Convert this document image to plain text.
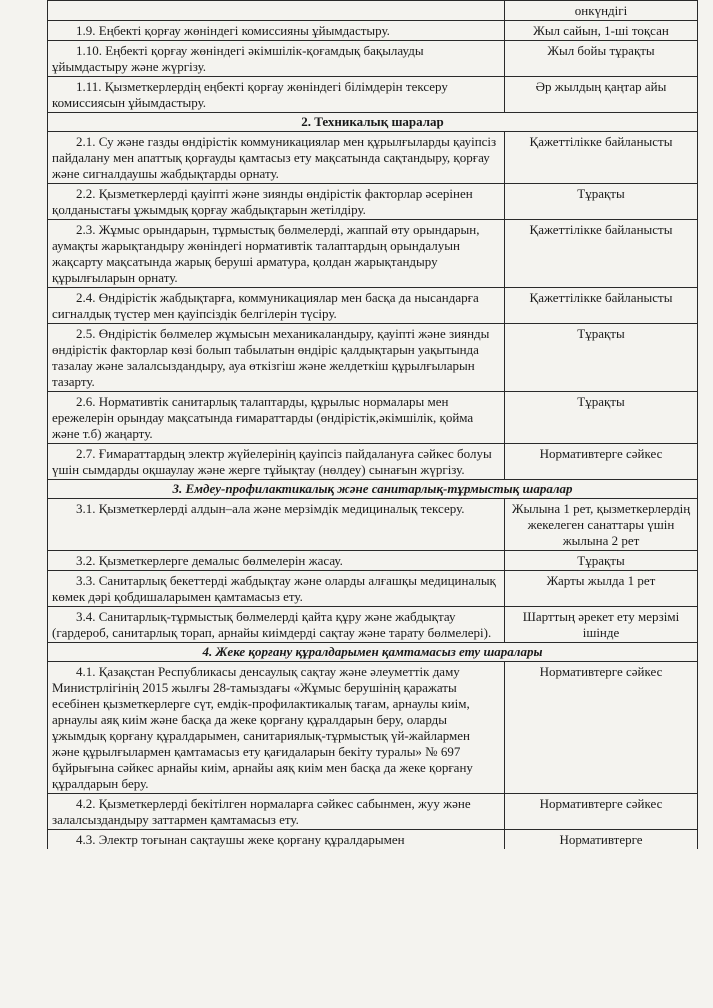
	онкүндігі
1.9. Еңбекті қорғау жөніндегі комиссияны ұйымдастыру.	Жыл сайын, 1-ші тоқсан
1.10. Еңбекті қорғау жөніндегі әкімшілік-қоғамдық бақылауды ұйымдастыру және жүргізу.	Жыл бойы тұрақты
1.11. Қызметкерлердің еңбекті қорғау жөніндегі білімдерін тексеру комиссиясын ұйымдастыру.	Әр жылдың қаңтар айы
2. Техникалық шаралар	
2.1. Су жəне газды өндірістік коммуникациялар мен құрылғыларды қауіпсіз пайдалану мен апаттық қорғауды қамтасыз ету мақсатында сақтандыру, қорғау жəне сигналдаушы жабдықтарды орнату.	Қажеттілікке байланысты
2.2. Қызметкерлерді қауіпті және зиянды өндірістік факторлар әсерінен қолданыстағы ұжымдық қорғау жабдықтарын жетілдіру.	Тұрақты
2.3. Жұмыс орындарын, тұрмыстық бөлмелерді, жаппай өту орындарын, аумақты жарықтандыру жөніндегі нормативтік талаптардың орындалуын жақсарту мақсатында жарық беруші арматура, қолдан жарықтандыру құрылғыларын орнату.	Қажеттілікке байланысты
2.4. Өндірістік жабдықтарға, коммуникациялар мен басқа да нысандарға сигналдық түстер мен қауіпсіздік белгілерін түсіру.	Қажеттілікке байланысты
2.5. Өндірістік бөлмелер жұмысын механикаландыру, қауіпті және зиянды өндірістік факторлар көзі болып табылатын өндіріс қалдықтарын уақытында тазалау және залалсыздандыру, ауа өткізгіш және желдеткіш құрылғыларын тазарту.	Тұрақты
2.6. Нормативтік санитарлық талаптарды, құрылыс нормалары мен ережелерін орындау мақсатында ғимараттарды (өндірістік,әкімшілік, қойма және т.б) жаңарту.	Тұрақты
2.7. Ғимараттардың электр жүйелерінің қауіпсіз пайдалануға сәйкес болуы үшін сымдарды оқшаулау және жерге тұйықтау (нөлдеу) сынағын жүргізу.	Нормативтерге сәйкес
3. Емдеу-профилактикалық және санитарлық-тұрмыстық шаралар	
3.1. Қызметкерлерді алдын–ала және мерзімдік медициналық тексеру.	Жылына 1 рет, қызметкерлердің жекелеген санаттары үшін жылына 2 рет
3.2. Қызметкерлерге демалыс бөлмелерін жасау.	Тұрақты
3.3. Санитарлық бекеттерді жабдықтау және оларды алғашқы медициналық көмек дәрі қобдишаларымен қамтамасыз ету.	Жарты жылда 1 рет
3.4. Санитарлық-тұрмыстық бөлмелерді қайта құру және жабдықтау (гардероб, санитарлық торап, арнайы киімдерді сақтау және тарату бөлмелері).	Шарттың әрекет ету мерзімі ішінде
4. Жеке қорғану құралдарымен қамтамасыз ету шаралары	
4.1. Қазақстан Республикасы денсаулық сақтау және әлеуметтік даму Министрлігінің 2015 жылғы 28-тамыздағы «Жұмыс берушінің қаражаты есебінен қызметкерлерге сүт, емдік-профилактикалық тағам, арнаулы киім, арнаулы аяқ киім және басқа да жеке қорғану құралдарын беру, оларды ұжымдық қорғану құралдарымен, санитариялық-тұрмыстық үй-жайлармен және құрылғылармен қамтамасыз ету қағидаларын бекіту туралы» № 697 бұйрығына сәйкес арнайы киім, арнайы аяқ киім мен басқа да жеке қорғану құралдарын беру.	Нормативтерге сәйкес
4.2. Қызметкерлерді бекітілген нормаларға сәйкес сабынмен, жуу және залалсыздандыру заттармен қамтамасыз ету.	Нормативтерге сәйкес
4.3. Электр тоғынан сақтаушы жеке қорғану құралдарымен	Нормативтерге
